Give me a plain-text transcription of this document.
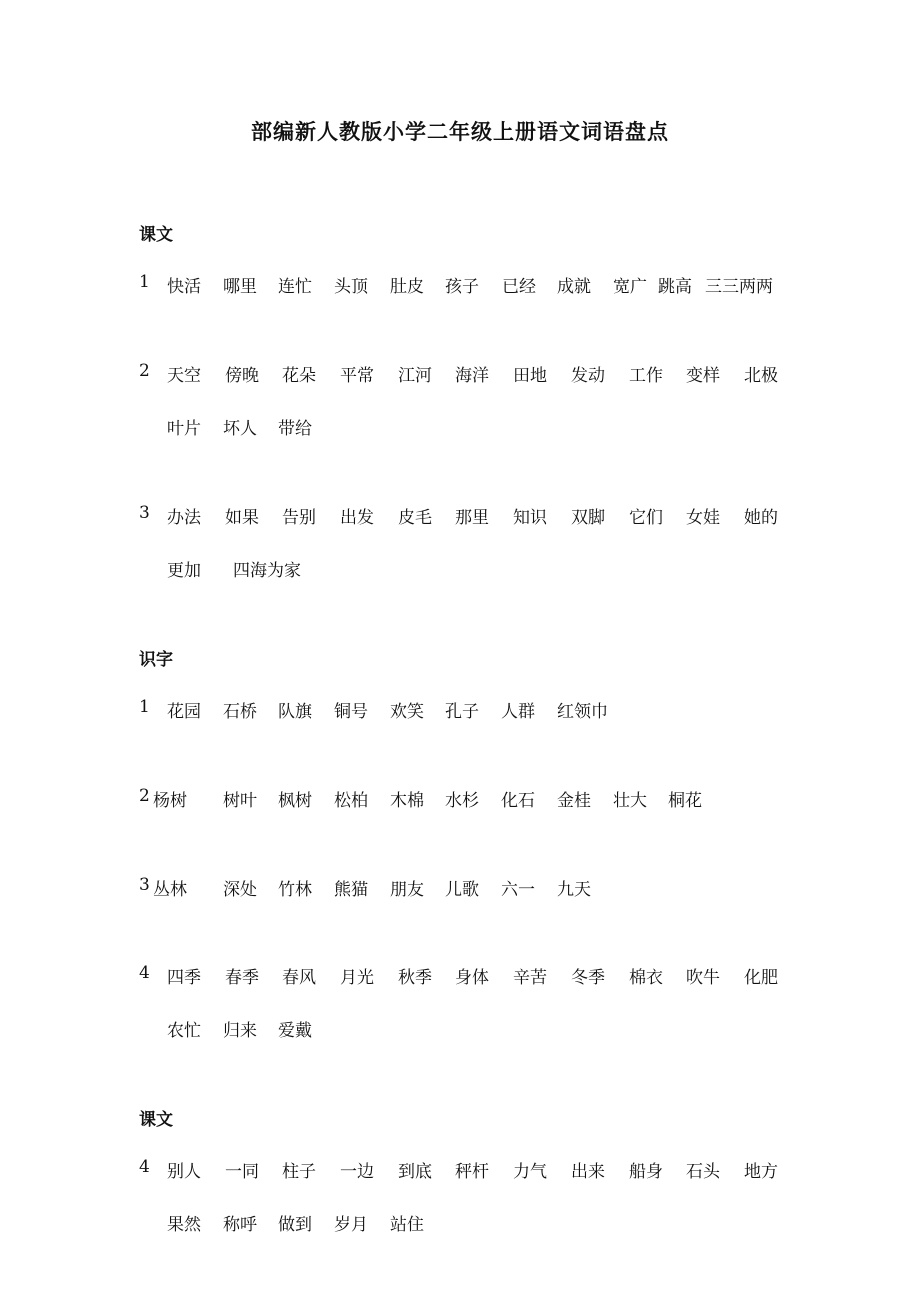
部编新人教版小学二年级上册语文词语盘点
课文
识字
课文
1 快活 哪里 连忙 头顶 肚皮 孩子 已经 成就 宽广 跳高 三三两两
2 天空 傍晚 花朵 平常 江河 海洋 田地 发动 工作 变样 北极
叶片 坏人 带给
3 办法 如果 告别 出发 皮毛 那里 知识 双脚 它们 女娃 她的
更加 四海为家
1 花园 石桥 队旗 铜号 欢笑 孔子 人群 红领巾
2 杨树 树叶 枫树 松柏 木棉 水杉 化石 金桂 壮大 桐花
3 丛林 深处 竹林 熊猫 朋友 儿歌 六一 九天
4 四季 春季 春风 月光 秋季 身体 辛苦 冬季 棉衣 吹牛 化肥
农忙 归来 爱戴
4 别人 一同 柱子 一边 到底 秤杆 力气 出来 船身 石头 地方
果然 称呼 做到 岁月 站住
